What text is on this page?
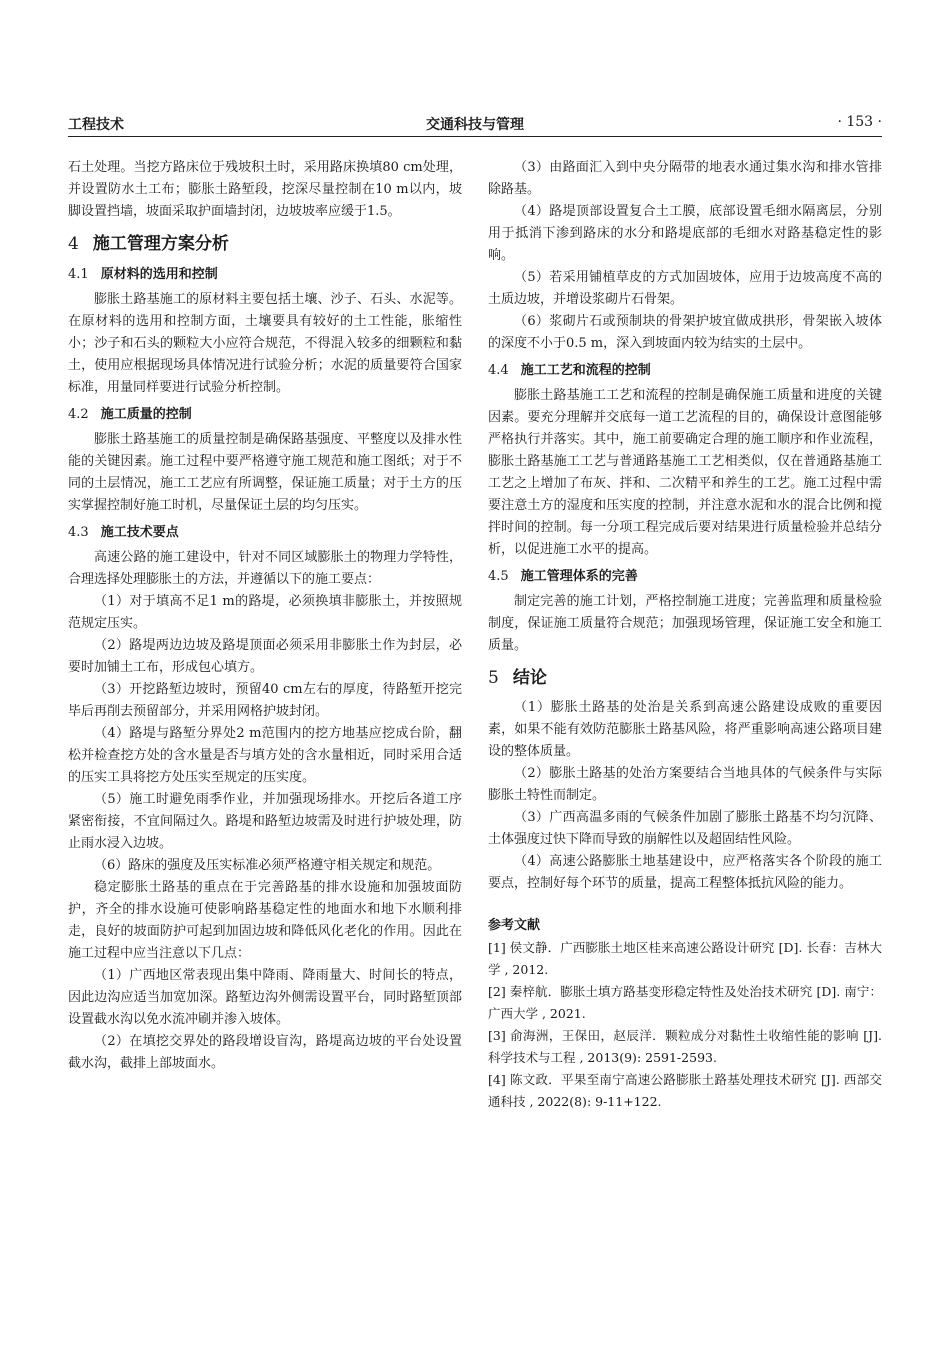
工程技术	交通科技与管理	· 153 ·

石土处理。当挖方路床位于残坡积土时，采用路床换填80 cm处理，并设置防水土工布；膨胀土路堑段，挖深尽量控制在10 m以内，坡脚设置挡墙，坡面采取护面墙封闭，边坡坡率应缓于1.5。

4 施工管理方案分析
4.1 原材料的选用和控制

膨胀土路基施工的原材料主要包括土壤、沙子、石头、水泥等。在原材料的选用和控制方面，土壤要具有较好的土工性能，胀缩性小；沙子和石头的颗粒大小应符合规范，不得混入较多的细颗粒和黏土，使用应根据现场具体情况进行试验分析；水泥的质量要符合国家标准，用量同样要进行试验分析控制。

4.2 施工质量的控制

膨胀土路基施工的质量控制是确保路基强度、平整度以及排水性能的关键因素。施工过程中要严格遵守施工规范和施工图纸；对于不同的土层情况，施工工艺应有所调整，保证施工质量；对于土方的压实掌握控制好施工时机，尽量保证土层的均匀压实。

4.3 施工技术要点

高速公路的施工建设中，针对不同区域膨胀土的物理力学特性，合理选择处理膨胀土的方法，并遵循以下的施工要点：

（1）对于填高不足1 m的路堤，必须换填非膨胀土，并按照规范规定压实。

（2）路堤两边边坡及路堤顶面必须采用非膨胀土作为封层，必要时加铺土工布，形成包心填方。

（3）开挖路堑边坡时，预留40 cm左右的厚度，待路堑开挖完毕后再削去预留部分，并采用网格护坡封闭。

（4）路堤与路堑分界处2 m范围内的挖方地基应挖成台阶，翻松并检查挖方处的含水量是否与填方处的含水量相近，同时采用合适的压实工具将挖方处压实至规定的压实度。

（5）施工时避免雨季作业，并加强现场排水。开挖后各道工序紧密衔接，不宜间隔过久。路堤和路堑边坡需及时进行护坡处理，防止雨水浸入边坡。

（6）路床的强度及压实标准必须严格遵守相关规定和规范。

稳定膨胀土路基的重点在于完善路基的排水设施和加强坡面防护，齐全的排水设施可使影响路基稳定性的地面水和地下水顺利排走，良好的坡面防护可起到加固边坡和降低风化老化的作用。因此在施工过程中应当注意以下几点：

（1）广西地区常表现出集中降雨、降雨量大、时间长的特点，因此边沟应适当加宽加深。路堑边沟外侧需设置平台，同时路堑顶部设置截水沟以免水流冲刷并渗入坡体。

（2）在填挖交界处的路段增设盲沟，路堤高边坡的平台处设置截水沟，截排上部坡面水。

（3）由路面汇入到中央分隔带的地表水通过集水沟和排水管排除路基。

（4）路堤顶部设置复合土工膜，底部设置毛细水隔离层，分别用于抵消下渗到路床的水分和路堤底部的毛细水对路基稳定性的影响。

（5）若采用铺植草皮的方式加固坡体，应用于边坡高度不高的土质边坡，并增设浆砌片石骨架。

（6）浆砌片石或预制块的骨架护坡宜做成拱形，骨架嵌入坡体的深度不小于0.5 m，深入到坡面内较为结实的土层中。

4.4 施工工艺和流程的控制

膨胀土路基施工工艺和流程的控制是确保施工质量和进度的关键因素。要充分理解并交底每一道工艺流程的目的，确保设计意图能够严格执行并落实。其中，施工前要确定合理的施工顺序和作业流程，膨胀土路基施工工艺与普通路基施工工艺相类似，仅在普通路基施工工艺之上增加了布灰、拌和、二次精平和养生的工艺。施工过程中需要注意土方的湿度和压实度的控制，并注意水泥和水的混合比例和搅拌时间的控制。每一分项工程完成后要对结果进行质量检验并总结分析，以促进施工水平的提高。

4.5 施工管理体系的完善

制定完善的施工计划，严格控制施工进度；完善监理和质量检验制度，保证施工质量符合规范；加强现场管理，保证施工安全和施工质量。

5 结论

（1）膨胀土路基的处治是关系到高速公路建设成败的重要因素，如果不能有效防范膨胀土路基风险，将严重影响高速公路项目建设的整体质量。

（2）膨胀土路基的处治方案要结合当地具体的气候条件与实际膨胀土特性而制定。

（3）广西高温多雨的气候条件加剧了膨胀土路基不均匀沉降、土体强度过快下降而导致的崩解性以及超固结性风险。

（4）高速公路膨胀土地基建设中，应严格落实各个阶段的施工要点，控制好每个环节的质量，提高工程整体抵抗风险的能力。

参考文献

[1] 侯文静．广西膨胀土地区桂来高速公路设计研究 [D]. 长春：吉林大学 , 2012.

[2] 秦梓航．膨胀土填方路基变形稳定特性及处治技术研究 [D]. 南宁：广西大学 , 2021.

[3] 俞海洲，王保田，赵辰洋．颗粒成分对黏性土收缩性能的影响 [J]. 科学技术与工程 , 2013(9): 2591-2593.

[4] 陈文政．平果至南宁高速公路膨胀土路基处理技术研究 [J]. 西部交通科技 , 2022(8): 9-11+122.
